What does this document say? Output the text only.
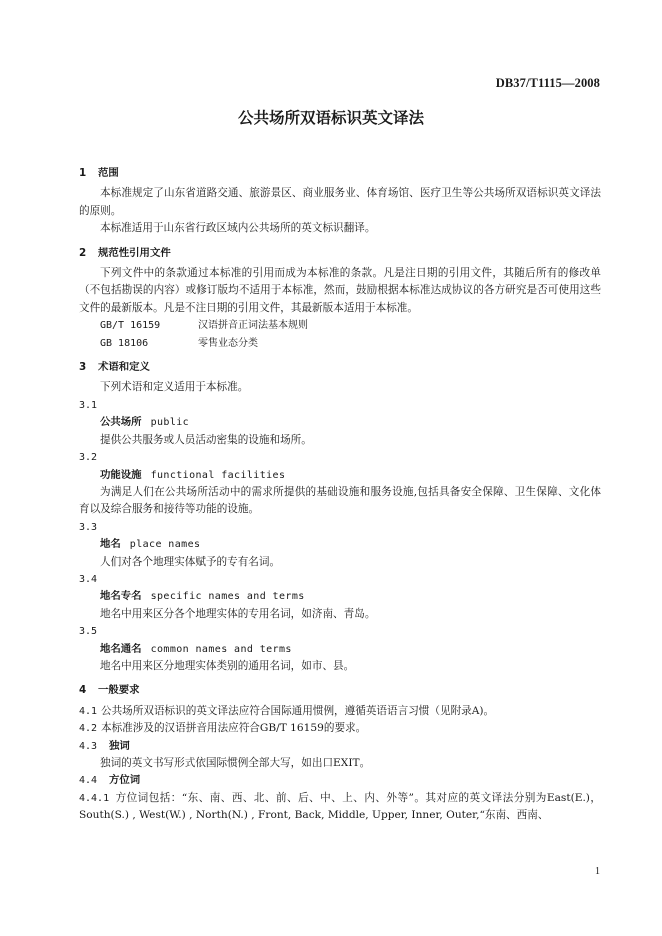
DB37/T1115—2008
公共场所双语标识英文译法
1 范围
本标准规定了山东省道路交通、旅游景区、商业服务业、体育场馆、医疗卫生等公共场所双语标识英文译法的原则。
本标准适用于山东省行政区域内公共场所的英文标识翻译。
2 规范性引用文件
下列文件中的条款通过本标准的引用而成为本标准的条款。凡是注日期的引用文件，其随后所有的修改单（不包括勘误的内容）或修订版均不适用于本标准，然而，鼓励根据本标准达成协议的各方研究是否可使用这些文件的最新版本。凡是不注日期的引用文件，其最新版本适用于本标准。
GB/T 16159	汉语拼音正词法基本规则
GB 18106	零售业态分类
3 术语和定义
下列术语和定义适用于本标准。
3.1
公共场所 public
提供公共服务或人员活动密集的设施和场所。
3.2
功能设施 functional facilities
为满足人们在公共场所活动中的需求所提供的基础设施和服务设施,包括具备安全保障、卫生保障、文化体育以及综合服务和接待等功能的设施。
3.3
地名 place names
人们对各个地理实体赋予的专有名词。
3.4
地名专名 specific names and terms
地名中用来区分各个地理实体的专用名词，如济南、青岛。
3.5
地名通名 common names and terms
地名中用来区分地理实体类别的通用名词，如市、县。
4 一般要求
4.1 公共场所双语标识的英文译法应符合国际通用惯例，遵循英语语言习惯（见附录A)。
4.2 本标准涉及的汉语拼音用法应符合GB/T 16159的要求。
4.3 独词
独词的英文书写形式依国际惯例全部大写，如出口EXIT。
4.4 方位词
4.4.1 方位词包括：“东、南、西、北、前、后、中、上、内、外等”。其对应的英文译法分别为East(E.)，South(S.) , West(W.) , North(N.) , Front, Back, Middle, Upper, Inner, Outer,“东南、西南、
1
